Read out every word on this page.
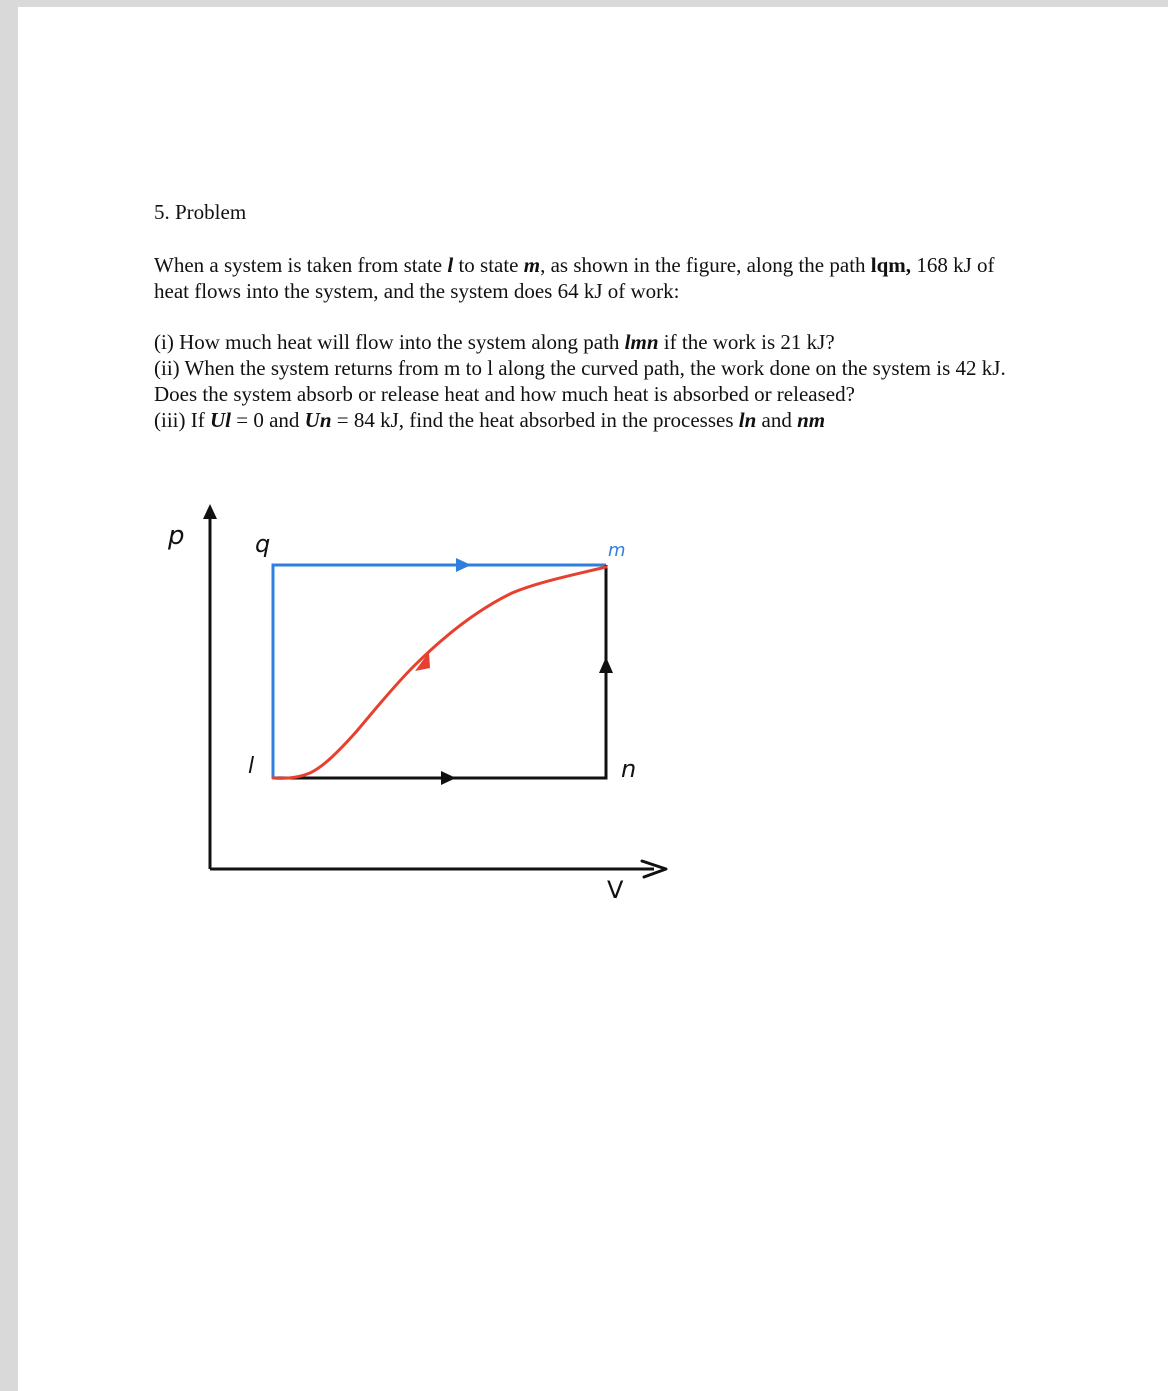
5. Problem

When a system is taken from state l to state m, as shown in the figure, along the path lqm, 168 kJ of heat flows into the system, and the system does 64 kJ of work:

(i) How much heat will flow into the system along path lmn if the work is 21 kJ?

(ii) When the system returns from m to l along the curved path, the work done on the system is 42 kJ. Does the system absorb or release heat and how much heat is absorbed or released?

(iii) If Ul = 0 and Un = 84 kJ, find the heat absorbed in the processes ln and nm

p	q	m
l	n
V
